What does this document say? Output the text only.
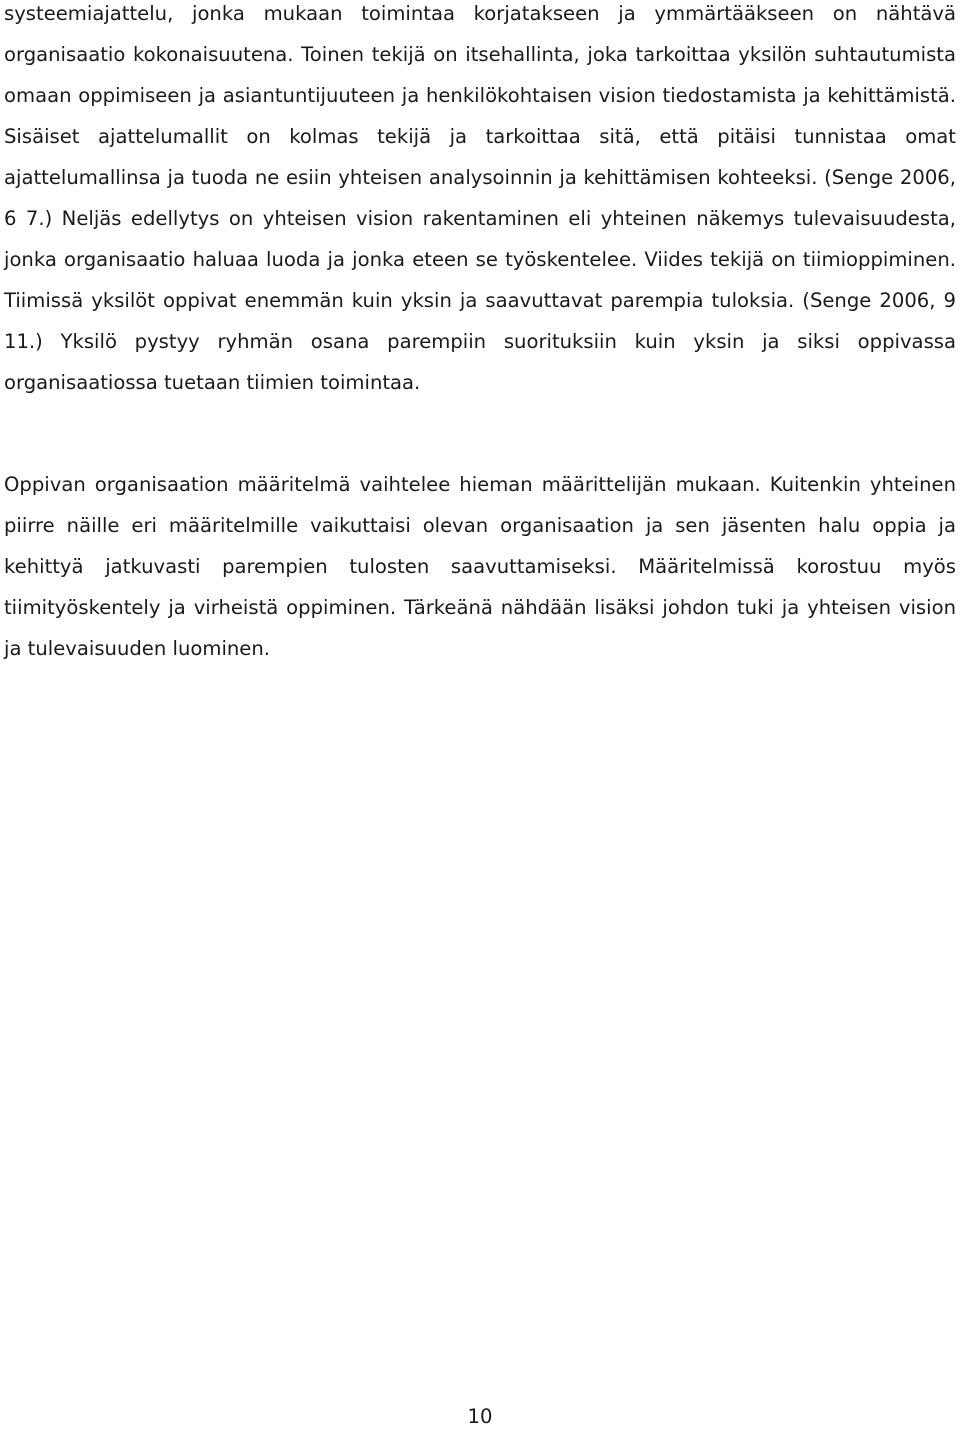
systeemiajattelu, jonka mukaan toimintaa korjatakseen ja ymmärtääkseen on nähtävä organisaatio kokonaisuutena. Toinen tekijä on itsehallinta, joka tarkoittaa yksilön suhtautumista omaan oppimiseen ja asiantuntijuuteen ja henkilökohtaisen vision tiedostamista ja kehittämistä. Sisäiset ajattelumallit on kolmas tekijä ja tarkoittaa sitä, että pitäisi tunnistaa omat ajattelumallinsa ja tuoda ne esiin yhteisen analysoinnin ja kehittämisen kohteeksi. (Senge 2006, 6 7.) Neljäs edellytys on yhteisen vision rakentaminen eli yhteinen näkemys tulevaisuudesta, jonka organisaatio haluaa luoda ja jonka eteen se työskentelee. Viides tekijä on tiimioppiminen. Tiimissä yksilöt oppivat enemmän kuin yksin ja saavuttavat parempia tuloksia. (Senge 2006, 9 11.) Yksilö pystyy ryhmän osana parempiin suorituksiin kuin yksin ja siksi oppivassa organisaatiossa tuetaan tiimien toimintaa.

Oppivan organisaation määritelmä vaihtelee hieman määrittelijän mukaan. Kuitenkin yhteinen piirre näille eri määritelmille vaikuttaisi olevan organisaation ja sen jäsenten halu oppia ja kehittyä jatkuvasti parempien tulosten saavuttamiseksi. Määritelmissä korostuu myös tiimityöskentely ja virheistä oppiminen. Tärkeänä nähdään lisäksi johdon tuki ja yhteisen vision ja tulevaisuuden luominen.

10
